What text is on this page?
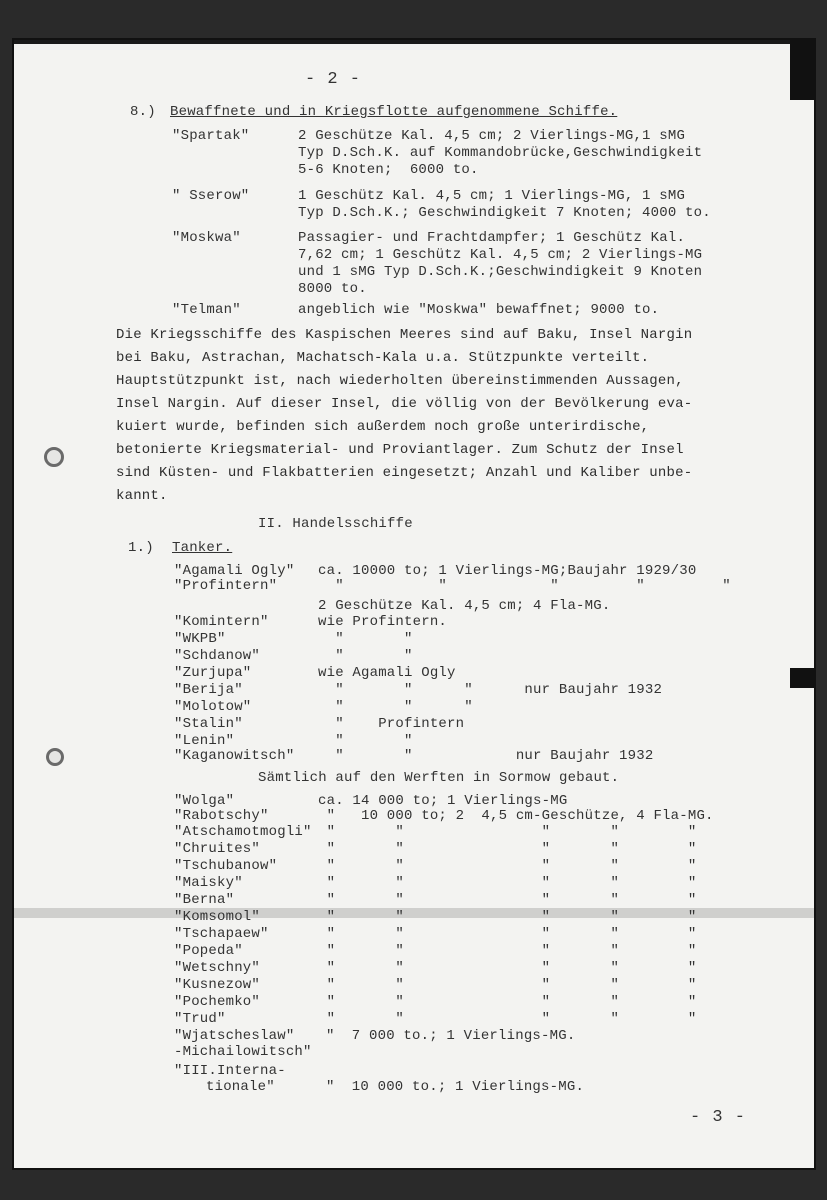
- 2 -
8.) Bewaffnete und in Kriegsflotte aufgenommene Schiffe.
"Spartak"	2 Geschütze Kal. 4,5 cm; 2 Vierlings-MG,1 sMG
Typ D.Sch.K. auf Kommandobrücke,Geschwindigkeit
5-6 Knoten;  6000 to.
" Sserow"	1 Geschütz Kal. 4,5 cm; 1 Vierlings-MG, 1 sMG
Typ D.Sch.K.; Geschwindigkeit 7 Knoten; 4000 to.
"Moskwa"	Passagier- und Frachtdampfer; 1 Geschütz Kal.
7,62 cm; 1 Geschütz Kal. 4,5 cm; 2 Vierlings-MG
und 1 sMG Typ D.Sch.K.;Geschwindigkeit 9 Knoten
8000 to.
"Telman"	angeblich wie "Moskwa" bewaffnet; 9000 to.
Die Kriegsschiffe des Kaspischen Meeres sind auf Baku, Insel Nargin
bei Baku, Astrachan, Machatsch-Kala u.a. Stützpunkte verteilt.
Hauptstützpunkt ist, nach wiederholten übereinstimmenden Aussagen,
Insel Nargin. Auf dieser Insel, die völlig von der Bevölkerung eva-
kuiert wurde, befinden sich außerdem noch große unterirdische,
betonierte Kriegsmaterial- und Proviantlager. Zum Schutz der Insel
sind Küsten- und Flakbatterien eingesetzt; Anzahl und Kaliber unbe-
kannt.
II. Handelsschiffe
1.) Tanker.
"Agamali Ogly" ca. 10000 to; 1 Vierlings-MG;Baujahr 1929/30
"Profintern"	"           "            "         "         "
2 Geschütze Kal. 4,5 cm; 4 Fla-MG.
"Komintern"	wie Profintern.
"WKPB"	"       "
"Schdanow"	"       "
"Zurjupa"	wie Agamali Ogly
"Berija"	"       "      "      nur Baujahr 1932
"Molotow"	"       "      "
"Stalin"	"    Profintern
"Lenin"	"       "
"Kaganowitsch" "       "            nur Baujahr 1932
Sämtlich auf den Werften in Sormow gebaut.
"Wolga"	ca. 14 000 to; 1 Vierlings-MG
"Rabotschy"	"   10 000 to; 2  4,5 cm-Geschütze, 4 Fla-MG.
"Atschamotmogli" "       "                "       "        "
"Chruites"	"       "                "       "        "
"Tschubanow"	"       "                "       "        "
"Maisky"	"       "                "       "        "
"Berna"	"       "                "       "        "
"Komsomol"	"       "                "       "        "
"Tschapaew"	"       "                "       "        "
"Popeda"	"       "                "       "        "
"Wetschny"	"       "                "       "        "
"Kusnezow"	"       "                "       "        "
"Pochemko"	"       "                "       "        "
"Trud"	"       "                "       "        "
"Wjatscheslaw" "  7 000 to.; 1 Vierlings-MG.
-Michailowitsch"
"III.Interna-
tionale"	"  10 000 to.; 1 Vierlings-MG.
- 3 -
